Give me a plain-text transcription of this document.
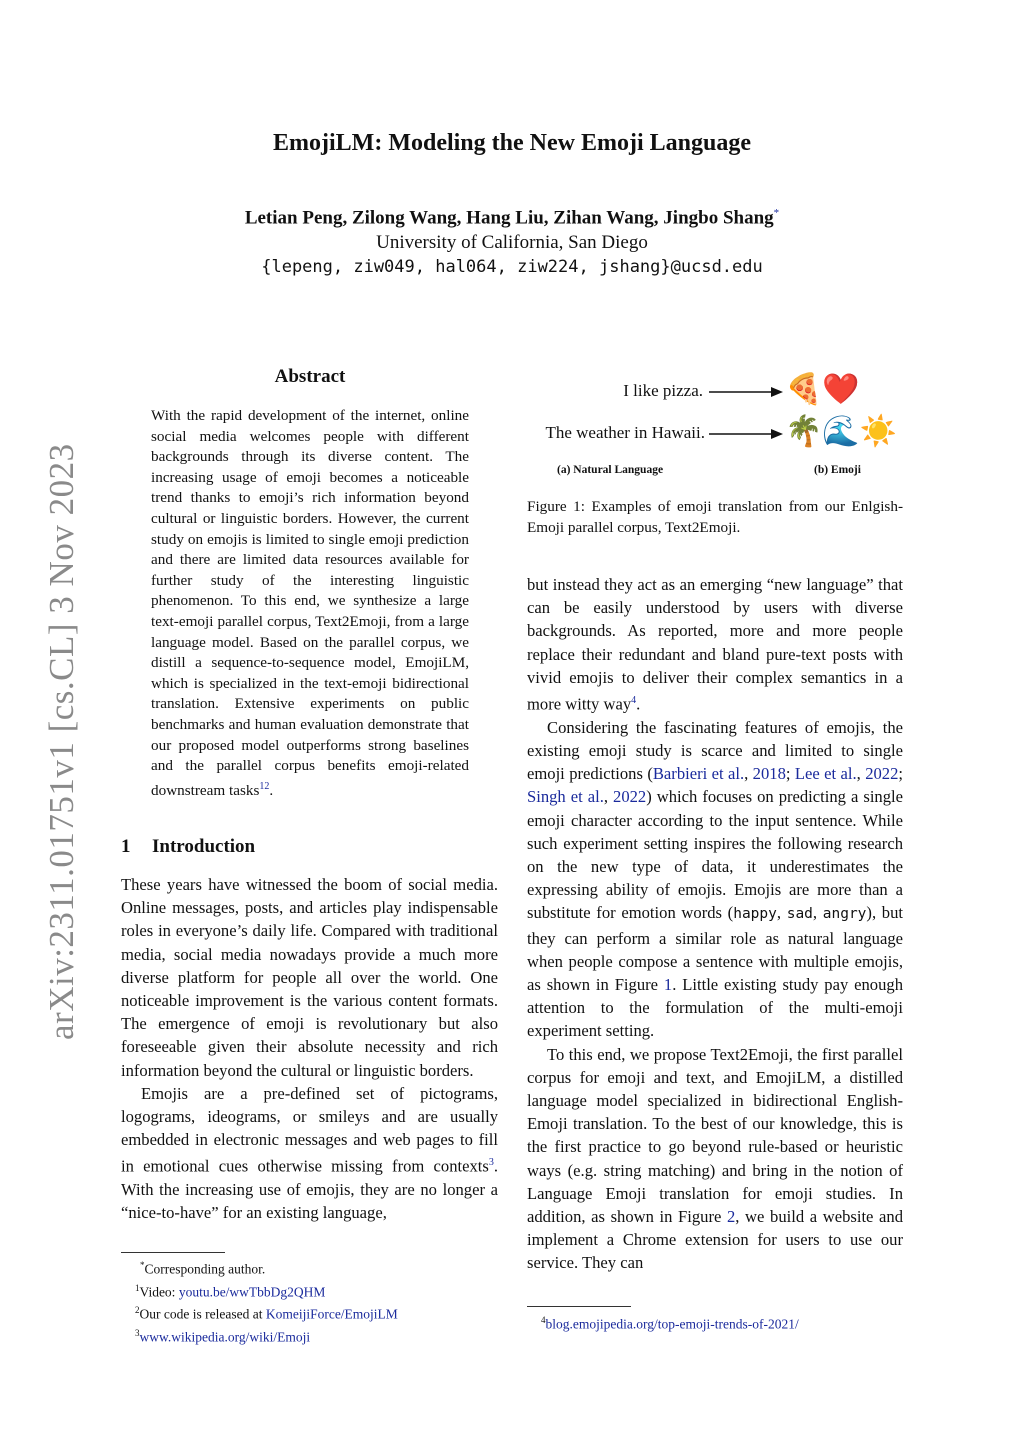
arXiv:2311.01751v1 [cs.CL] 3 Nov 2023
EmojiLM: Modeling the New Emoji Language
Letian Peng, Zilong Wang, Hang Liu, Zihan Wang, Jingbo Shang*
University of California, San Diego
{lepeng, ziw049, hal064, ziw224, jshang}@ucsd.edu
Abstract
With the rapid development of the internet, online social media welcomes people with different backgrounds through its diverse content. The increasing usage of emoji becomes a noticeable trend thanks to emoji’s rich information beyond cultural or linguistic borders. However, the current study on emojis is limited to single emoji prediction and there are limited data resources available for further study of the interesting linguistic phenomenon. To this end, we synthesize a large text-emoji parallel corpus, Text2Emoji, from a large language model. Based on the parallel corpus, we distill a sequence-to-sequence model, EmojiLM, which is specialized in the text-emoji bidirectional translation. Extensive experiments on public benchmarks and human evaluation demonstrate that our proposed model outperforms strong baselines and the parallel corpus benefits emoji-related downstream tasks$^{12}$.
1 Introduction

These years have witnessed the boom of social media. Online messages, posts, and articles play indispensable roles in everyone’s daily life. Compared with traditional media, social media nowadays provide a much more diverse platform for people all over the world. One noticeable improvement is the various content formats. The emergence of emoji is revolutionary but also foreseeable given their absolute necessity and rich information beyond the cultural or linguistic borders.

Emojis are a pre-defined set of pictograms, logograms, ideograms, or smileys and are usually embedded in electronic messages and web pages to fill in emotional cues otherwise missing from contexts$^3$. With the increasing use of emojis, they are no longer a “nice-to-have” for an existing language,

*Corresponding author.
$^1$Video: youtu.be/wwTbbDg2QHM
$^2$Our code is released at KomeijiForce/EmojiLM
$^3$www.wikipedia.org/wiki/Emoji
I like pizza.	🍕❤️
The weather in Hawaii.	🌴🌊☀️
(a) Natural Language	(b) Emoji
Figure 1: Examples of emoji translation from our Enlgish-Emoji parallel corpus, Text2Emoji.

but instead they act as an emerging “new language” that can be easily understood by users with diverse backgrounds. As reported, more and more people replace their redundant and bland pure-text posts with vivid emojis to deliver their complex semantics in a more witty way$^4$.

Considering the fascinating features of emojis, the existing emoji study is scarce and limited to single emoji predictions (Barbieri et al., 2018; Lee et al., 2022; Singh et al., 2022) which focuses on predicting a single emoji character according to the input sentence. While such experiment setting inspires the following research on the new type of data, it underestimates the expressing ability of emojis. Emojis are more than a substitute for emotion words (happy, sad, angry), but they can perform a similar role as natural language when people compose a sentence with multiple emojis, as shown in Figure 1. Little existing study pay enough attention to the formulation of the multi-emoji experiment setting.

To this end, we propose Text2Emoji, the first parallel corpus for emoji and text, and EmojiLM, a distilled language model specialized in bidirectional English-Emoji translation. To the best of our knowledge, this is the first practice to go beyond rule-based or heuristic ways (e.g. string matching) and bring in the notion of Language Emoji translation for emoji studies. In addition, as shown in Figure 2, we build a website and implement a Chrome extension for users to use our service. They can

$^4$blog.emojipedia.org/top-emoji-trends-of-2021/
